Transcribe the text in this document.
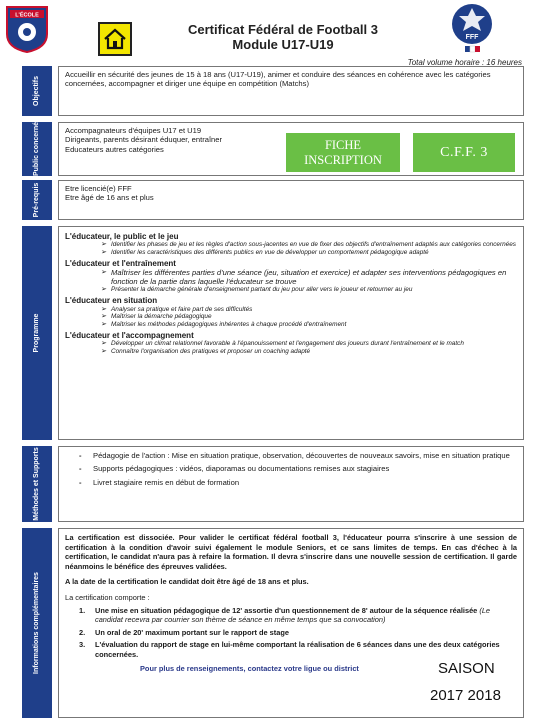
L'ÉCOLE
Certificat Fédéral de Football 3
Module U17-U19	FFF
Total volume horaire : 16 heures
Objectifs
Accueillir en sécurité des jeunes de 15 à 18 ans (U17-U19), animer et conduire des séances en cohérence avec les catégories concernées, accompagner et diriger une équipe en compétition (Matchs)
Public concerné	Accompagnateurs d'équipes U17 et U19
Dirigeants, parents désirant éduquer, entraîner
Educateurs autres catégories
Pré-requis	Etre licencié(e) FFF
Etre âgé de 16 ans et plus
Programme
L'éducateur, le public et le jeu
➢ Identifier les phases de jeu et les règles d'action sous-jacentes en vue de fixer des objectifs d'entraînement adaptés aux catégories concernées
➢ Identifier les caractéristiques des différents publics en vue de développer un comportement pédagogique adapté
L'éducateur et l'entraînement
➢ Maîtriser les différentes parties d'une séance (jeu, situation et exercice) et adapter ses interventions pédagogiques en fonction de la partie dans laquelle l'éducateur se trouve
➢ Présenter la démarche générale d'enseignement partant du jeu pour aller vers le joueur et retourner au jeu
L'éducateur en situation
➢ Analyser sa pratique et faire part de ses difficultés
➢ Maîtriser la démarche pédagogique
➢ Maîtriser les méthodes pédagogiques inhérentes à chaque procédé d'entraînement
L'éducateur et l'accompagnement
➢ Développer un climat relationnel favorable à l'épanouissement et l'engagement des joueurs durant l'entraînement et le match
➢ Connaître l'organisation des pratiques et proposer un coaching adapté
Méthodes et Supports
-	Pédagogie de l'action : Mise en situation pratique, observation, découvertes de nouveaux savoirs, mise en situation pratique
- Supports pédagogiques : vidéos, diaporamas ou documentations remises aux stagiaires
- Livret stagiaire remis en début de formation
Informations complémentaires

La certification est dissociée. Pour valider le certificat fédéral football 3, l'éducateur pourra s'inscrire à une session de certification à la condition d'avoir suivi également le module Seniors, et ce sans limites de temps. En cas d'échec à la certification, le candidat n'aura pas à refaire la formation. Il devra s'inscrire dans une nouvelle session de certification. Il garde néanmoins le bénéfice des épreuves validées.

A la date de la certification le candidat doit être âgé de 18 ans et plus.

La certification comporte :

1. Une mise en situation pédagogique de 12' assortie d'un questionnement de 8' autour de la séquence réalisée (Le candidat recevra par courrier son thème de séance en même temps que sa convocation)
2. Un oral de 20' maximum portant sur le rapport de stage
3. L'évaluation du rapport de stage en lui-même comportant la réalisation de 6 séances dans une des deux catégories concernées.
FICHE INSCRIPTION	C.F.F. 3
Pour plus de renseignements, contactez votre ligue ou district	SAISON
2017 2018
